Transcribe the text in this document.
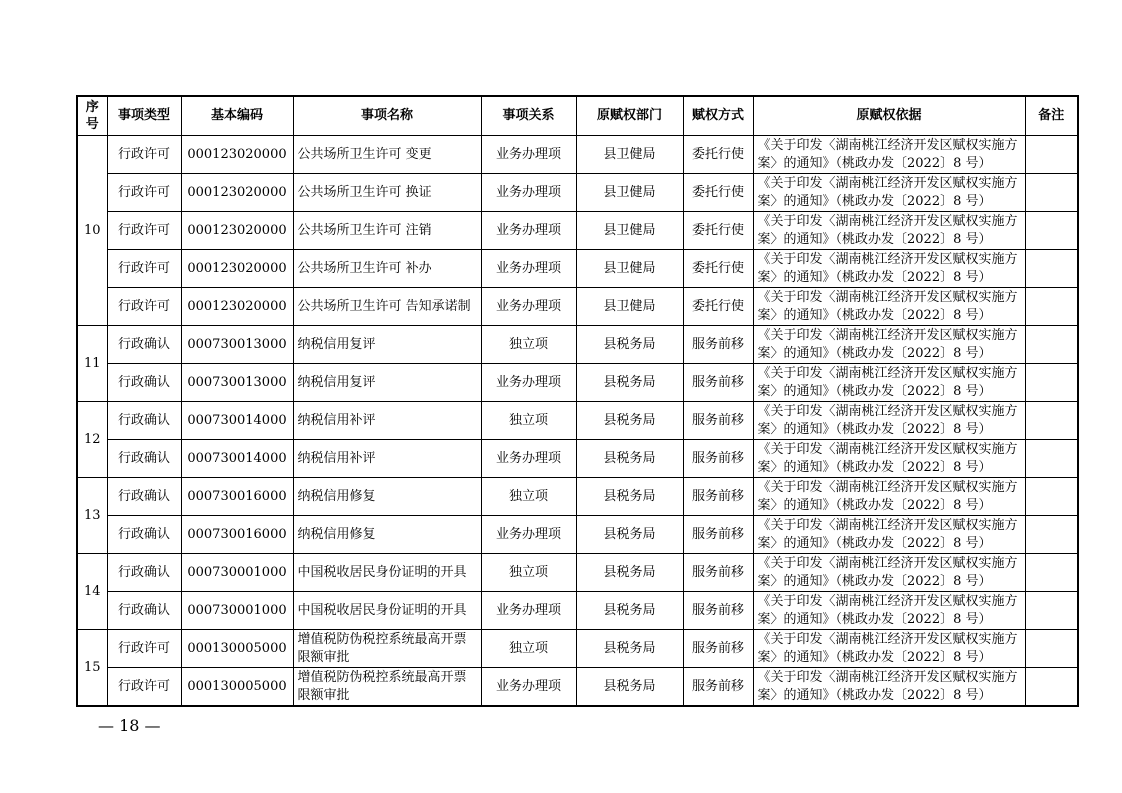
序号	事项类型	基本编码	事项名称	事项关系	原赋权部门	赋权方式	原赋权依据	备注
10	行政许可	000123020000	公共场所卫生许可 变更	业务办理项	县卫健局	委托行使	《关于印发〈湖南桃江经济开发区赋权实施方案〉的通知》（桃政办发〔2022〕8 号）	
	行政许可	000123020000	公共场所卫生许可 换证	业务办理项	县卫健局	委托行使	《关于印发〈湖南桃江经济开发区赋权实施方案〉的通知》（桃政办发〔2022〕8 号）	
	行政许可	000123020000	公共场所卫生许可 注销	业务办理项	县卫健局	委托行使	《关于印发〈湖南桃江经济开发区赋权实施方案〉的通知》（桃政办发〔2022〕8 号）	
	行政许可	000123020000	公共场所卫生许可 补办	业务办理项	县卫健局	委托行使	《关于印发〈湖南桃江经济开发区赋权实施方案〉的通知》（桃政办发〔2022〕8 号）	
	行政许可	000123020000	公共场所卫生许可 告知承诺制	业务办理项	县卫健局	委托行使	《关于印发〈湖南桃江经济开发区赋权实施方案〉的通知》（桃政办发〔2022〕8 号）	
11	行政确认	000730013000	纳税信用复评	独立项	县税务局	服务前移	《关于印发〈湖南桃江经济开发区赋权实施方案〉的通知》（桃政办发〔2022〕8 号）	
	行政确认	000730013000	纳税信用复评	业务办理项	县税务局	服务前移	《关于印发〈湖南桃江经济开发区赋权实施方案〉的通知》（桃政办发〔2022〕8 号）	
12	行政确认	000730014000	纳税信用补评	独立项	县税务局	服务前移	《关于印发〈湖南桃江经济开发区赋权实施方案〉的通知》（桃政办发〔2022〕8 号）	
	行政确认	000730014000	纳税信用补评	业务办理项	县税务局	服务前移	《关于印发〈湖南桃江经济开发区赋权实施方案〉的通知》（桃政办发〔2022〕8 号）	
13	行政确认	000730016000	纳税信用修复	独立项	县税务局	服务前移	《关于印发〈湖南桃江经济开发区赋权实施方案〉的通知》（桃政办发〔2022〕8 号）	
	行政确认	000730016000	纳税信用修复	业务办理项	县税务局	服务前移	《关于印发〈湖南桃江经济开发区赋权实施方案〉的通知》（桃政办发〔2022〕8 号）	
14	行政确认	000730001000	中国税收居民身份证明的开具	独立项	县税务局	服务前移	《关于印发〈湖南桃江经济开发区赋权实施方案〉的通知》（桃政办发〔2022〕8 号）	
	行政确认	000730001000	中国税收居民身份证明的开具	业务办理项	县税务局	服务前移	《关于印发〈湖南桃江经济开发区赋权实施方案〉的通知》（桃政办发〔2022〕8 号）	
15	行政许可	000130005000	增值税防伪税控系统最高开票限额审批	独立项	县税务局	服务前移	《关于印发〈湖南桃江经济开发区赋权实施方案〉的通知》（桃政办发〔2022〕8 号）	
	行政许可	000130005000	增值税防伪税控系统最高开票限额审批	业务办理项	县税务局	服务前移	《关于印发〈湖南桃江经济开发区赋权实施方案〉的通知》（桃政办发〔2022〕8 号）	
— 18 —
